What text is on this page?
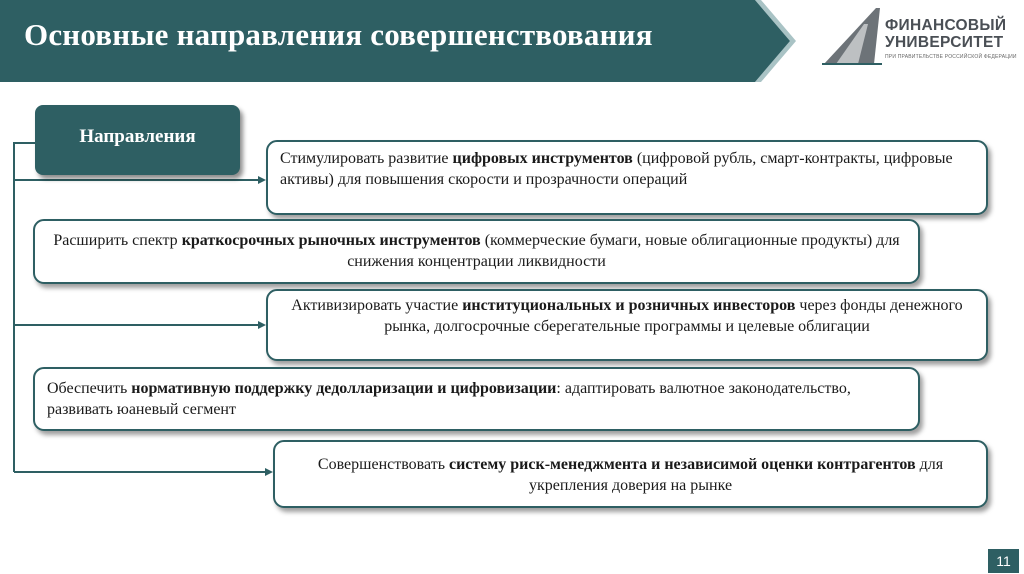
Основные направления совершенствования	ФИНАНСОВЫЙ
УНИВЕРСИТЕТ
ПРИ ПРАВИТЕЛЬСТВЕ РОССИЙСКОЙ ФЕДЕРАЦИИ
Направления
Стимулировать развитие цифровых инструментов (цифровой рубль, смарт-контракты, цифровые активы) для повышения скорости и прозрачности операций
Расширить спектр краткосрочных рыночных инструментов (коммерческие бумаги, новые облигационные продукты) для снижения концентрации ликвидности
Активизировать участие институциональных и розничных инвесторов через фонды денежного рынка, долгосрочные сберегательные программы и целевые облигации
Обеспечить нормативную поддержку дедолларизации и цифровизации: адаптировать валютное законодательство, развивать юаневый сегмент
Совершенствовать систему риск-менеджмента и независимой оценки контрагентов для укрепления доверия на рынке
11
